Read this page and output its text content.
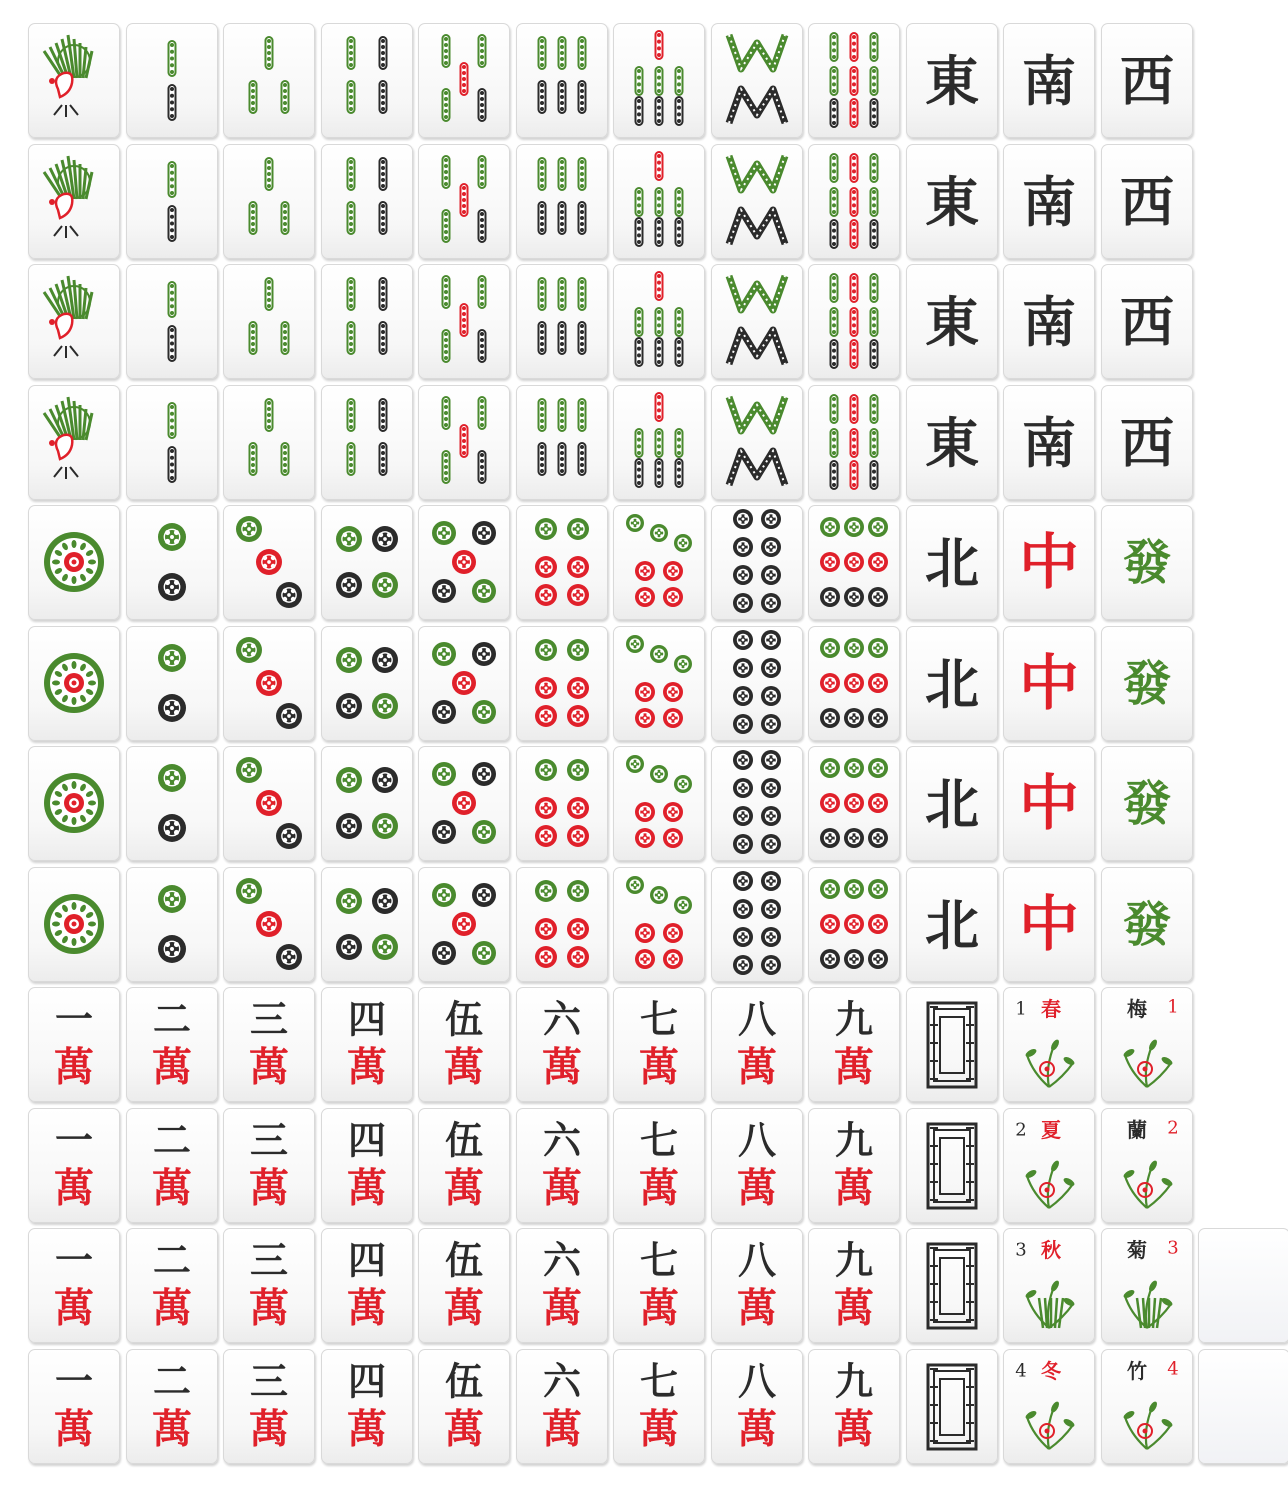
東 南 西
東 南 西
東 南 西
東 南 西
北 中 發
北 中 發
北 中 發
北 中 發
一
萬
二
萬
三
萬
四
萬
伍
萬
六
萬
七
萬
八
萬
九
萬
1 春	梅 1
一
萬
二
萬
三
萬
四
萬
伍
萬
六
萬
七
萬
八
萬
九
萬
2 夏	蘭 2
一
萬
二
萬
三
萬
四
萬
伍
萬
六
萬
七
萬
八
萬
九
萬
3 秋	菊 3
一
萬
二
萬
三
萬
四
萬
伍
萬
六
萬
七
萬
八
萬
九
萬
4 冬	竹 4
